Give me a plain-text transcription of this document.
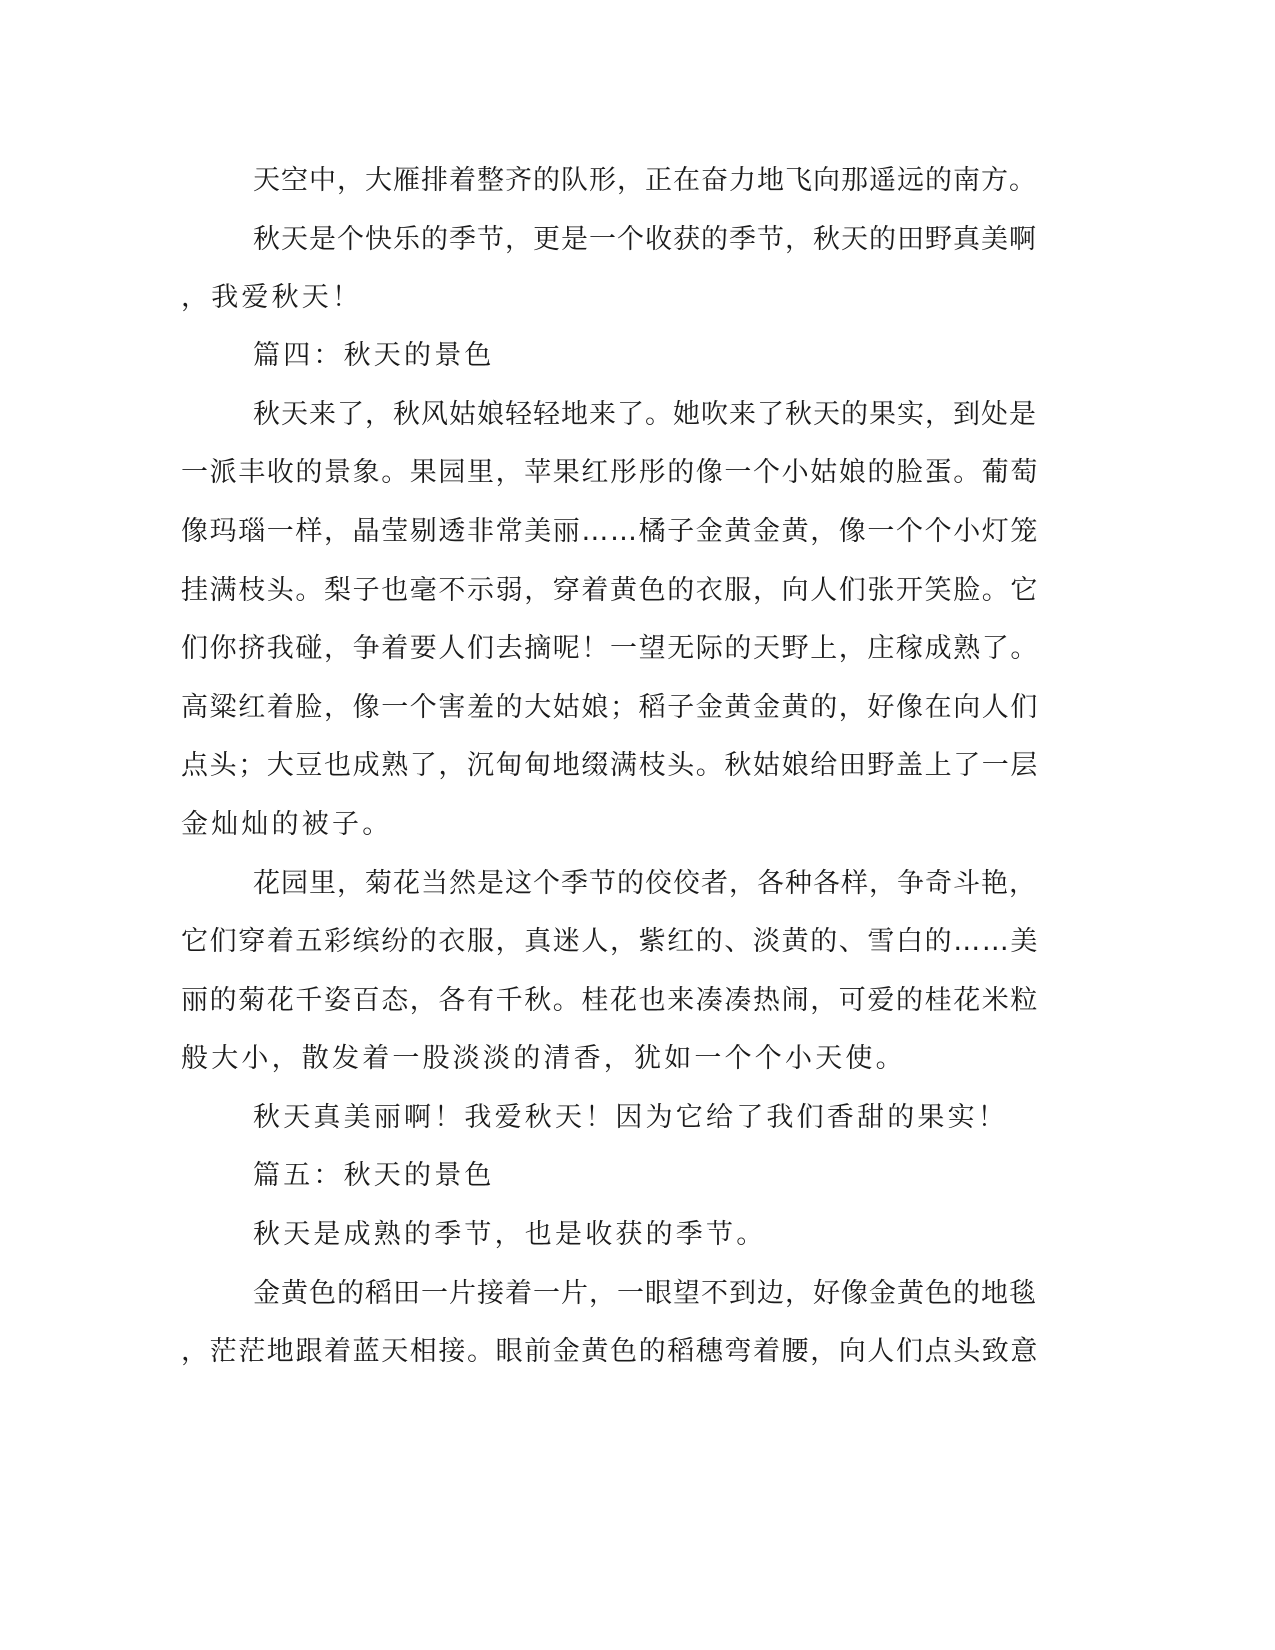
天空中，大雁排着整齐的队形，正在奋力地飞向那遥远的南方。
秋天是个快乐的季节，更是一个收获的季节，秋天的田野真美啊
，我爱秋天！
篇四：秋天的景色
秋天来了，秋风姑娘轻轻地来了。她吹来了秋天的果实，到处是
一派丰收的景象。果园里，苹果红彤彤的像一个小姑娘的脸蛋。葡萄
像玛瑙一样，晶莹剔透非常美丽……橘子金黄金黄，像一个个小灯笼
挂满枝头。梨子也毫不示弱，穿着黄色的衣服，向人们张开笑脸。它
们你挤我碰，争着要人们去摘呢！一望无际的天野上，庄稼成熟了。
高粱红着脸，像一个害羞的大姑娘；稻子金黄金黄的，好像在向人们
点头；大豆也成熟了，沉甸甸地缀满枝头。秋姑娘给田野盖上了一层
金灿灿的被子。
花园里，菊花当然是这个季节的佼佼者，各种各样，争奇斗艳，
它们穿着五彩缤纷的衣服，真迷人，紫红的、淡黄的、雪白的……美
丽的菊花千姿百态，各有千秋。桂花也来凑凑热闹，可爱的桂花米粒
般大小，散发着一股淡淡的清香，犹如一个个小天使。
秋天真美丽啊！我爱秋天！因为它给了我们香甜的果实！
篇五：秋天的景色
秋天是成熟的季节，也是收获的季节。
金黄色的稻田一片接着一片，一眼望不到边，好像金黄色的地毯
，茫茫地跟着蓝天相接。眼前金黄色的稻穗弯着腰，向人们点头致意
